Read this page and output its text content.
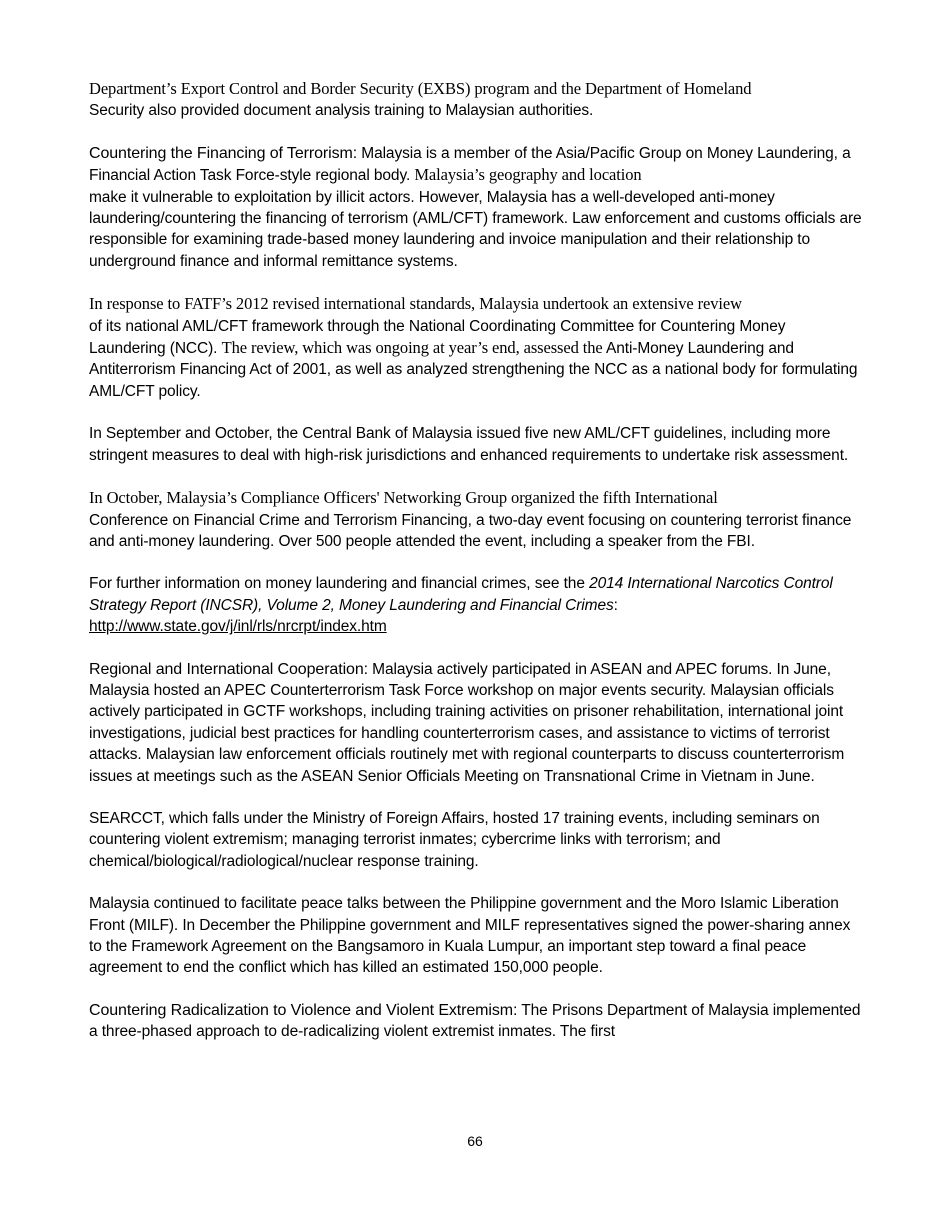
Department’s Export Control and Border Security (EXBS) program and the Department of Homeland
Security also provided document analysis training to Malaysian authorities.

Countering the Financing of Terrorism: Malaysia is a member of the Asia/Pacific Group on Money Laundering, a Financial Action Task Force-style regional body. Malaysia’s geography and location
make it vulnerable to exploitation by illicit actors. However, Malaysia has a well-developed anti-money laundering/countering the financing of terrorism (AML/CFT) framework. Law enforcement and customs officials are responsible for examining trade-based money laundering and invoice manipulation and their relationship to underground finance and informal remittance systems.

In response to FATF’s 2012 revised international standards, Malaysia undertook an extensive review
of its national AML/CFT framework through the National Coordinating Committee for Countering Money Laundering (NCC). The review, which was ongoing at year’s end, assessed the Anti-Money Laundering and Antiterrorism Financing Act of 2001, as well as analyzed strengthening the NCC as a national body for formulating AML/CFT policy.

In September and October, the Central Bank of Malaysia issued five new AML/CFT guidelines, including more stringent measures to deal with high-risk jurisdictions and enhanced requirements to undertake risk assessment.

In October, Malaysia’s Compliance Officers' Networking Group organized the fifth International
Conference on Financial Crime and Terrorism Financing, a two-day event focusing on countering terrorist finance and anti-money laundering. Over 500 people attended the event, including a speaker from the FBI.

For further information on money laundering and financial crimes, see the 2014 International Narcotics Control Strategy Report (INCSR), Volume 2, Money Laundering and Financial Crimes:
http://www.state.gov/j/inl/rls/nrcrpt/index.htm

Regional and International Cooperation: Malaysia actively participated in ASEAN and APEC forums. In June, Malaysia hosted an APEC Counterterrorism Task Force workshop on major events security. Malaysian officials actively participated in GCTF workshops, including training activities on prisoner rehabilitation, international joint investigations, judicial best practices for handling counterterrorism cases, and assistance to victims of terrorist attacks. Malaysian law enforcement officials routinely met with regional counterparts to discuss counterterrorism issues at meetings such as the ASEAN Senior Officials Meeting on Transnational Crime in Vietnam in June.

SEARCCT, which falls under the Ministry of Foreign Affairs, hosted 17 training events, including seminars on countering violent extremism; managing terrorist inmates; cybercrime links with terrorism; and chemical/biological/radiological/nuclear response training.

Malaysia continued to facilitate peace talks between the Philippine government and the Moro Islamic Liberation Front (MILF). In December the Philippine government and MILF representatives signed the power-sharing annex to the Framework Agreement on the Bangsamoro in Kuala Lumpur, an important step toward a final peace agreement to end the conflict which has killed an estimated 150,000 people.

Countering Radicalization to Violence and Violent Extremism: The Prisons Department of Malaysia implemented a three-phased approach to de-radicalizing violent extremist inmates. The first

66
